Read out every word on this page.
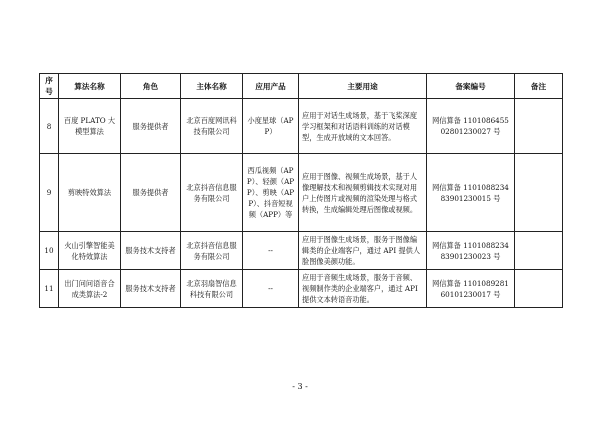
序号	算法名称	角色	主体名称	应用产品	主要用途	备案编号	备注
8	百度 PLATO 大模型算法	服务提供者	北京百度网讯科技有限公司	小度星球（APP）	应用于对话生成场景，基于飞桨深度学习框架和对话语料训练的对话模型，生成开放域的文本回答。	网信算备 110108645502801230027 号	
9	剪映特效算法	服务提供者	北京抖音信息服务有限公司	西瓜视频（APP）、轻颜（APP）、剪映（APP）、抖音短视频（APP）等	应用于图像、视频生成场景，基于人像理解技术和视频剪辑技术实现对用户上传图片或视频的渲染处理与格式转换，生成编辑处理后图像或视频。	网信算备 110108823483901230015 号	
10	火山引擎智能美化特效算法	服务技术支持者	北京抖音信息服务有限公司	--	应用于图像生成场景，服务于图像编辑类的企业端客户，通过 API 提供人脸图像美颜功能。	网信算备 110108823483901230023 号	
11	出门问问语音合成类算法-2	服务技术支持者	北京羽扇智信息科技有限公司	--	应用于音频生成场景，服务于音频、视频制作类的企业端客户，通过 API 提供文本转语音功能。	网信算备 110108928160101230017 号	
- 3 -
